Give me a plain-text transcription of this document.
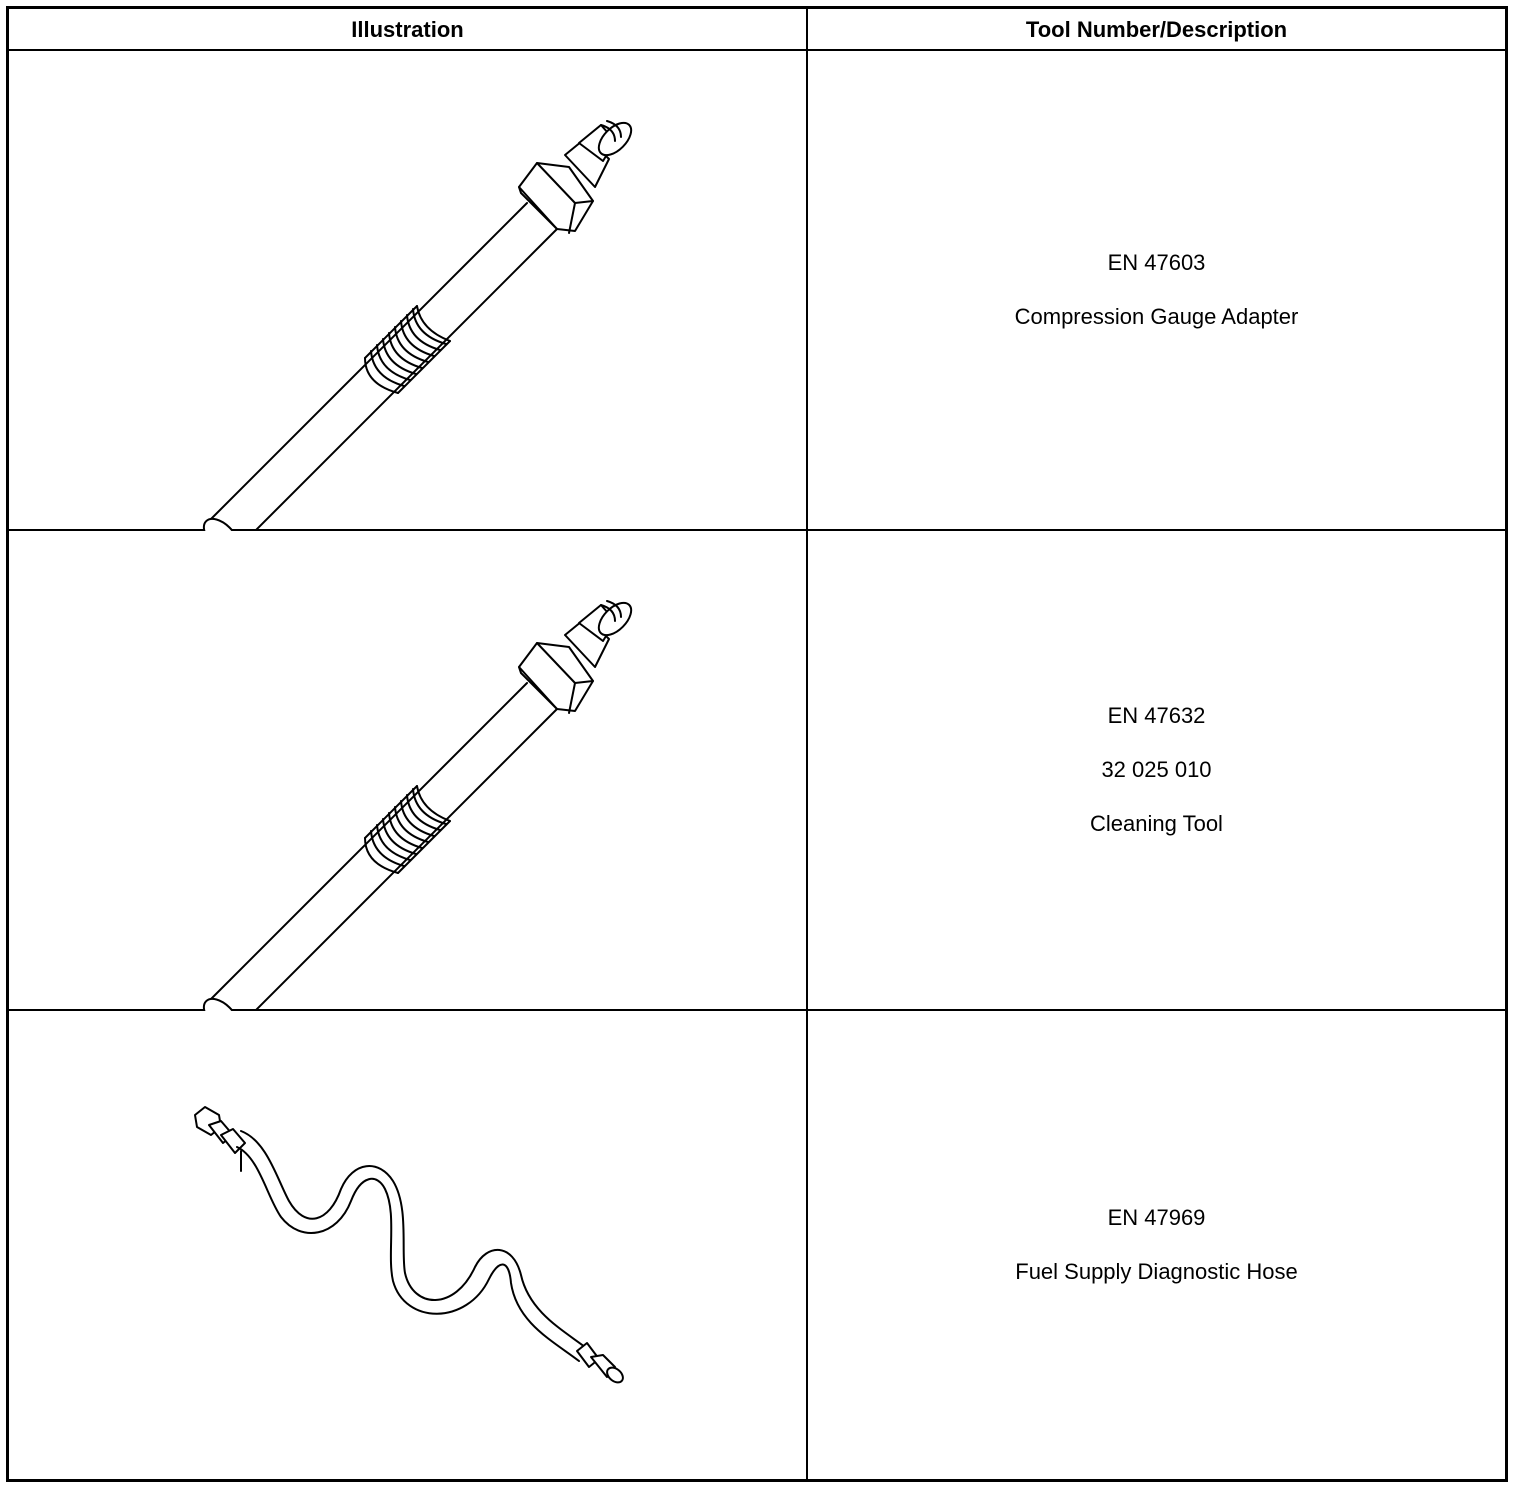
Illustration	Tool Number/Description
EN 47603
Compression Gauge Adapter
EN 47632
32 025 010
Cleaning Tool
EN 47969
Fuel Supply Diagnostic Hose
